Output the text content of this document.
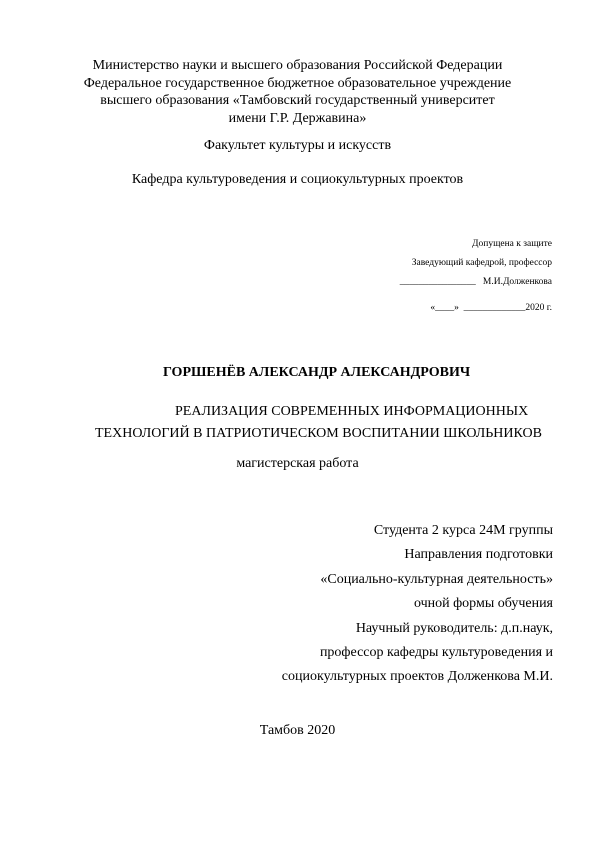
Министерство науки и высшего образования Российской Федерации
Федеральное государственное бюджетное образовательное учреждение
высшего образования «Тамбовский государственный университет
имени Г.Р. Державина»
Факультет культуры и искусств
Кафедра культуроведения и социокультурных проектов
Допущена к защите
Заведующий кафедрой, профессор
________________ М.И.Долженкова
«____» _____________2020 г.
ГОРШЕНЁВ АЛЕКСАНДР АЛЕКСАНДРОВИЧ
РЕАЛИЗАЦИЯ СОВРЕМЕННЫХ ИНФОРМАЦИОННЫХ
ТЕХНОЛОГИЙ В ПАТРИОТИЧЕСКОМ ВОСПИТАНИИ ШКОЛЬНИКОВ
магистерская работа
Студента 2 курса 24М группы
Направления подготовки
«Социально-культурная деятельность»
очной формы обучения
Научный руководитель: д.п.наук,
профессор кафедры культуроведения и
социокультурных проектов Долженкова М.И.
Тамбов 2020
